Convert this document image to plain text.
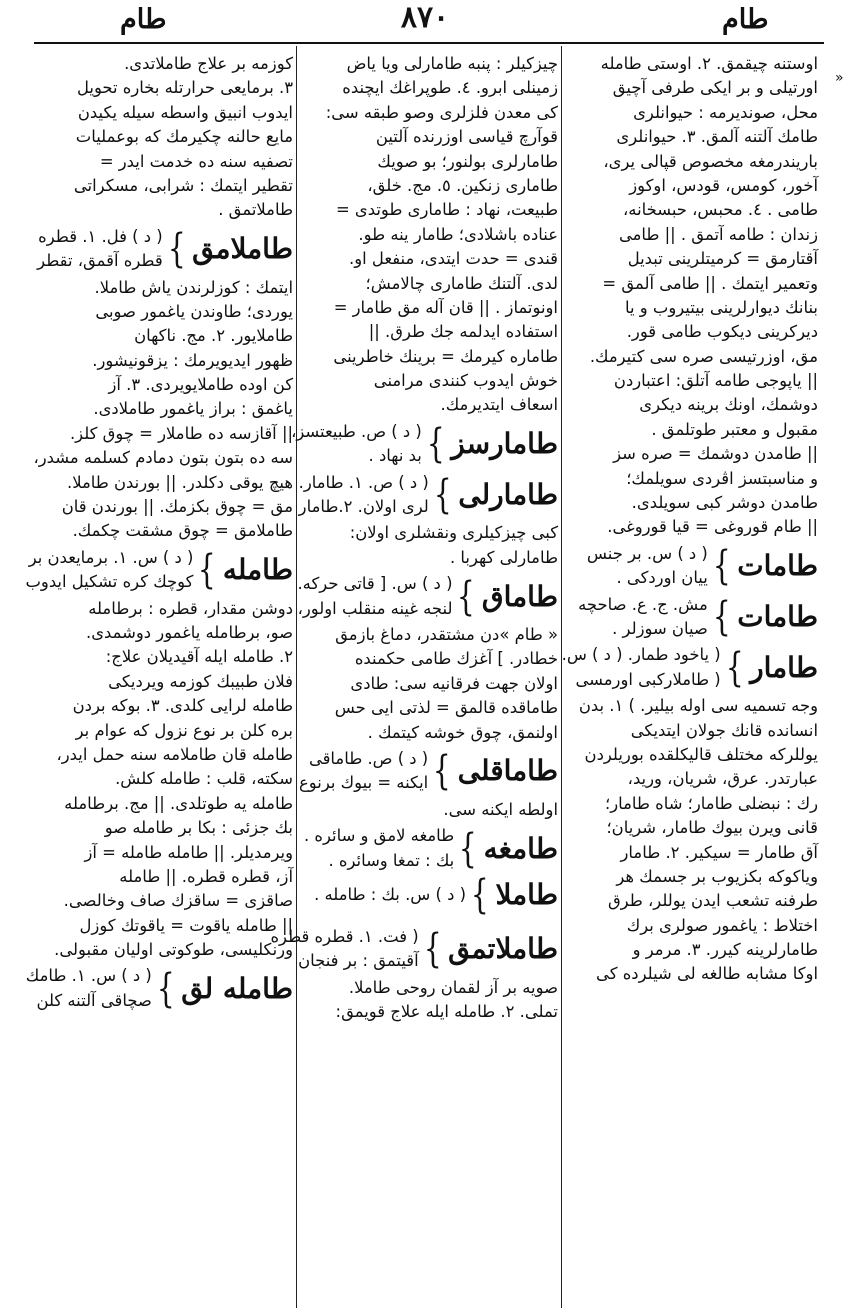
طام	۸۷۰	طام
»
اوستنه چيقمق. ۲. اوستی طامله
اورتيلی و بر ايكی طرفی آچيق
محل، صونديرمه : حيوانلری
طامك آلتنه آلمق. ۳. حيوانلری
باريندرمغه مخصوص قپالی يری،
آخور، كومس، قودس، اوكوز
طامی . ٤. محبس، حبسخانه،
زندان : طامه آتمق . || طامی
آقتارمق = كرميتلرينی تبديل
وتعمير ايتمك . || طامی آلمق =
بنانك ديوارلرينی بيتيروب و يا
ديركرينی ديكوب طامی قور.
مق، اوزرتيسی صره سی كتيرمك.
|| ياپوجی طامه آتلق: اعتباردن
دوشمك، اونك برينه ديكری
مقبول و معتبر طوتلمق .
|| طامدن دوشمك = صره سز
و مناسبتسز اڤردی سويلمك؛
طامدن دوشر كبی سويلدی.
|| طام قوروغی = قيا قوروغی.
طامات
}
( د ) س. بر جنس
ييان اوردكی .
طامات
}
مش. ج. ع. صاحچه
صيان سوزلر .
طامار
}
( ياخود طمار. ( د ) س.
( طاملاركبی اورمسی
وجه تسميه سی اوله بيلير. ) ۱. بدن
انسانده قانك جولان ايتديكی
يوللركه مختلف قاليكلقده بوريلردن
عبارتدر. عرق، شريان، وريد،
رك : نبضلی طامار؛ شاه طامار؛
قانی ويرن بيوك طامار، شريان؛
آق طامار = سيكير. ۲. طامار
وياكوكه بكزيوب بر جسمك هر
طرفنه تشعب ايدن يوللر، طرق
اختلاط : ياغمور صولری برك
طامارلرينه كيرر. ۳. مرمر و
اوكا مشابه طالغه لی شيلرده كی
چيزكيلر : پنبه طامارلی ويا ياض
زمينلی ابرو. ٤. طوپراغك ايچنده
كی معدن فلزلری وصو طبقه سی:
قوآرچ قياسی اوزرنده آلتين
طامارلری بولنور؛ بو صويك
طامارى زنكين. ٥. مج. خلق،
طبيعت، نهاد : طاماری طوتدی =
عناده باشلادی؛ طامار ينه طو.
قندی = حدت ايتدی، منفعل او.
لدی. آلتنك طاماری چالامش؛
اونوتماز . || قان آله مق طامار =
استفاده ايدلمه جك طرق. ||
طاماره كيرمك = برينك خاطرينی
خوش ايدوب كنندی مرامنی
اسعاف ايتديرمك.
طامارسز
}
( د ) ص. طبيعتسز،
بد نهاد .
طامارلی
}
( د ) ص. ۱. طامار.
لری اولان. ۲.طامار
كبی چيزكيلری ونقشلری اولان:
طامارلی كهربا .
طاماق
}
( د ) س. [ قاتی حركه.
لنجه غينه منقلب اولور،
« طام »دن مشتقدر، دماغ بازمق
خطادر. ] آغزك طامی حكمنده
اولان جهت فرقانيه سی: طادی
طاماقده قالمق = لذتی ايی حس
اولنمق، چوق خوشه كيتمك .
طاماقلی
}
( د ) ص. طاماقی
ايكنه = بيوك برنوع
اولطه ايكنه سی.
طامغه
}
طامغه لامق و سائره .
بك : تمغا وسائره .
طاملا
}
( د ) س. بك : طامله .
طاملاتمق
}
( فت. ۱. قطره قطره
آقيتمق : بر فنجان
صويه بر آز لقمان روحی طاملا.
تملی. ۲. طامله ايله علاج قويمق:
كوزمه بر علاج طاملاتدی.
۳. برمايعی حرارتله بخاره تحويل
ايدوب انبيق واسطه سيله يكيدن
مايع حالنه چكيرمك كه بوعمليات
تصفيه سنه ده خدمت ايدر =
تقطير ايتمك : شرابی، مسكراتی
طاملاتمق .
طاملامق
}
( د ) فل. ۱. قطره
قطره آقمق، تقطر
ايتمك : كوزلرندن ياش طاملا.
يوردی؛ طاوندن ياغمور صوبی
طاملايور. ۲. مج. ناكهان
ظهور ايديويرمك : يزقونيشور.
كن اوده طاملايويردی. ۳. آز
ياغمق : براز ياغمور طاملادی.
|| آقازسه ده طاملار = چوق كلز.
سه ده بتون بتون دمادم كسلمه مشدر،
هيچ يوقی دكلدر. || بورندن طاملا.
مق = چوق بكزمك. || بورندن قان
طاملامق = چوق مشقت چكمك.
طامله
}
( د ) س. ۱. برمايعدن بر
كوچك كره تشكيل ايدوب
دوشن مقدار، قطره : برطامله
صو، برطامله ياغمور دوشمدی.
۲. طامله ايله آقيديلان علاج:
فلان طبيبك كوزمه ويرديكی
طامله لرايی كلدی. ۳. بوكه بردن
بره كلن بر نوع نزول كه عوام بر
طامله قان طاملامه سنه حمل ايدر،
سكته، قلب : طامله كلش.
طامله يه طوتلدی. || مج. برطامله
بك جزئی : بكا بر طامله صو
ويرمديلر. || طامله طامله = آز
آز، قطره قطره. || طامله
صاقزی = ساقزك صاف وخالصی.
|| طامله ياقوت = ياقوتك كوزل
ورنكليسی، طوكوتی اوليان مقبولی.
طامله لق
}
( د ) س. ۱. طامك
صچاقی آلتنه كلن
